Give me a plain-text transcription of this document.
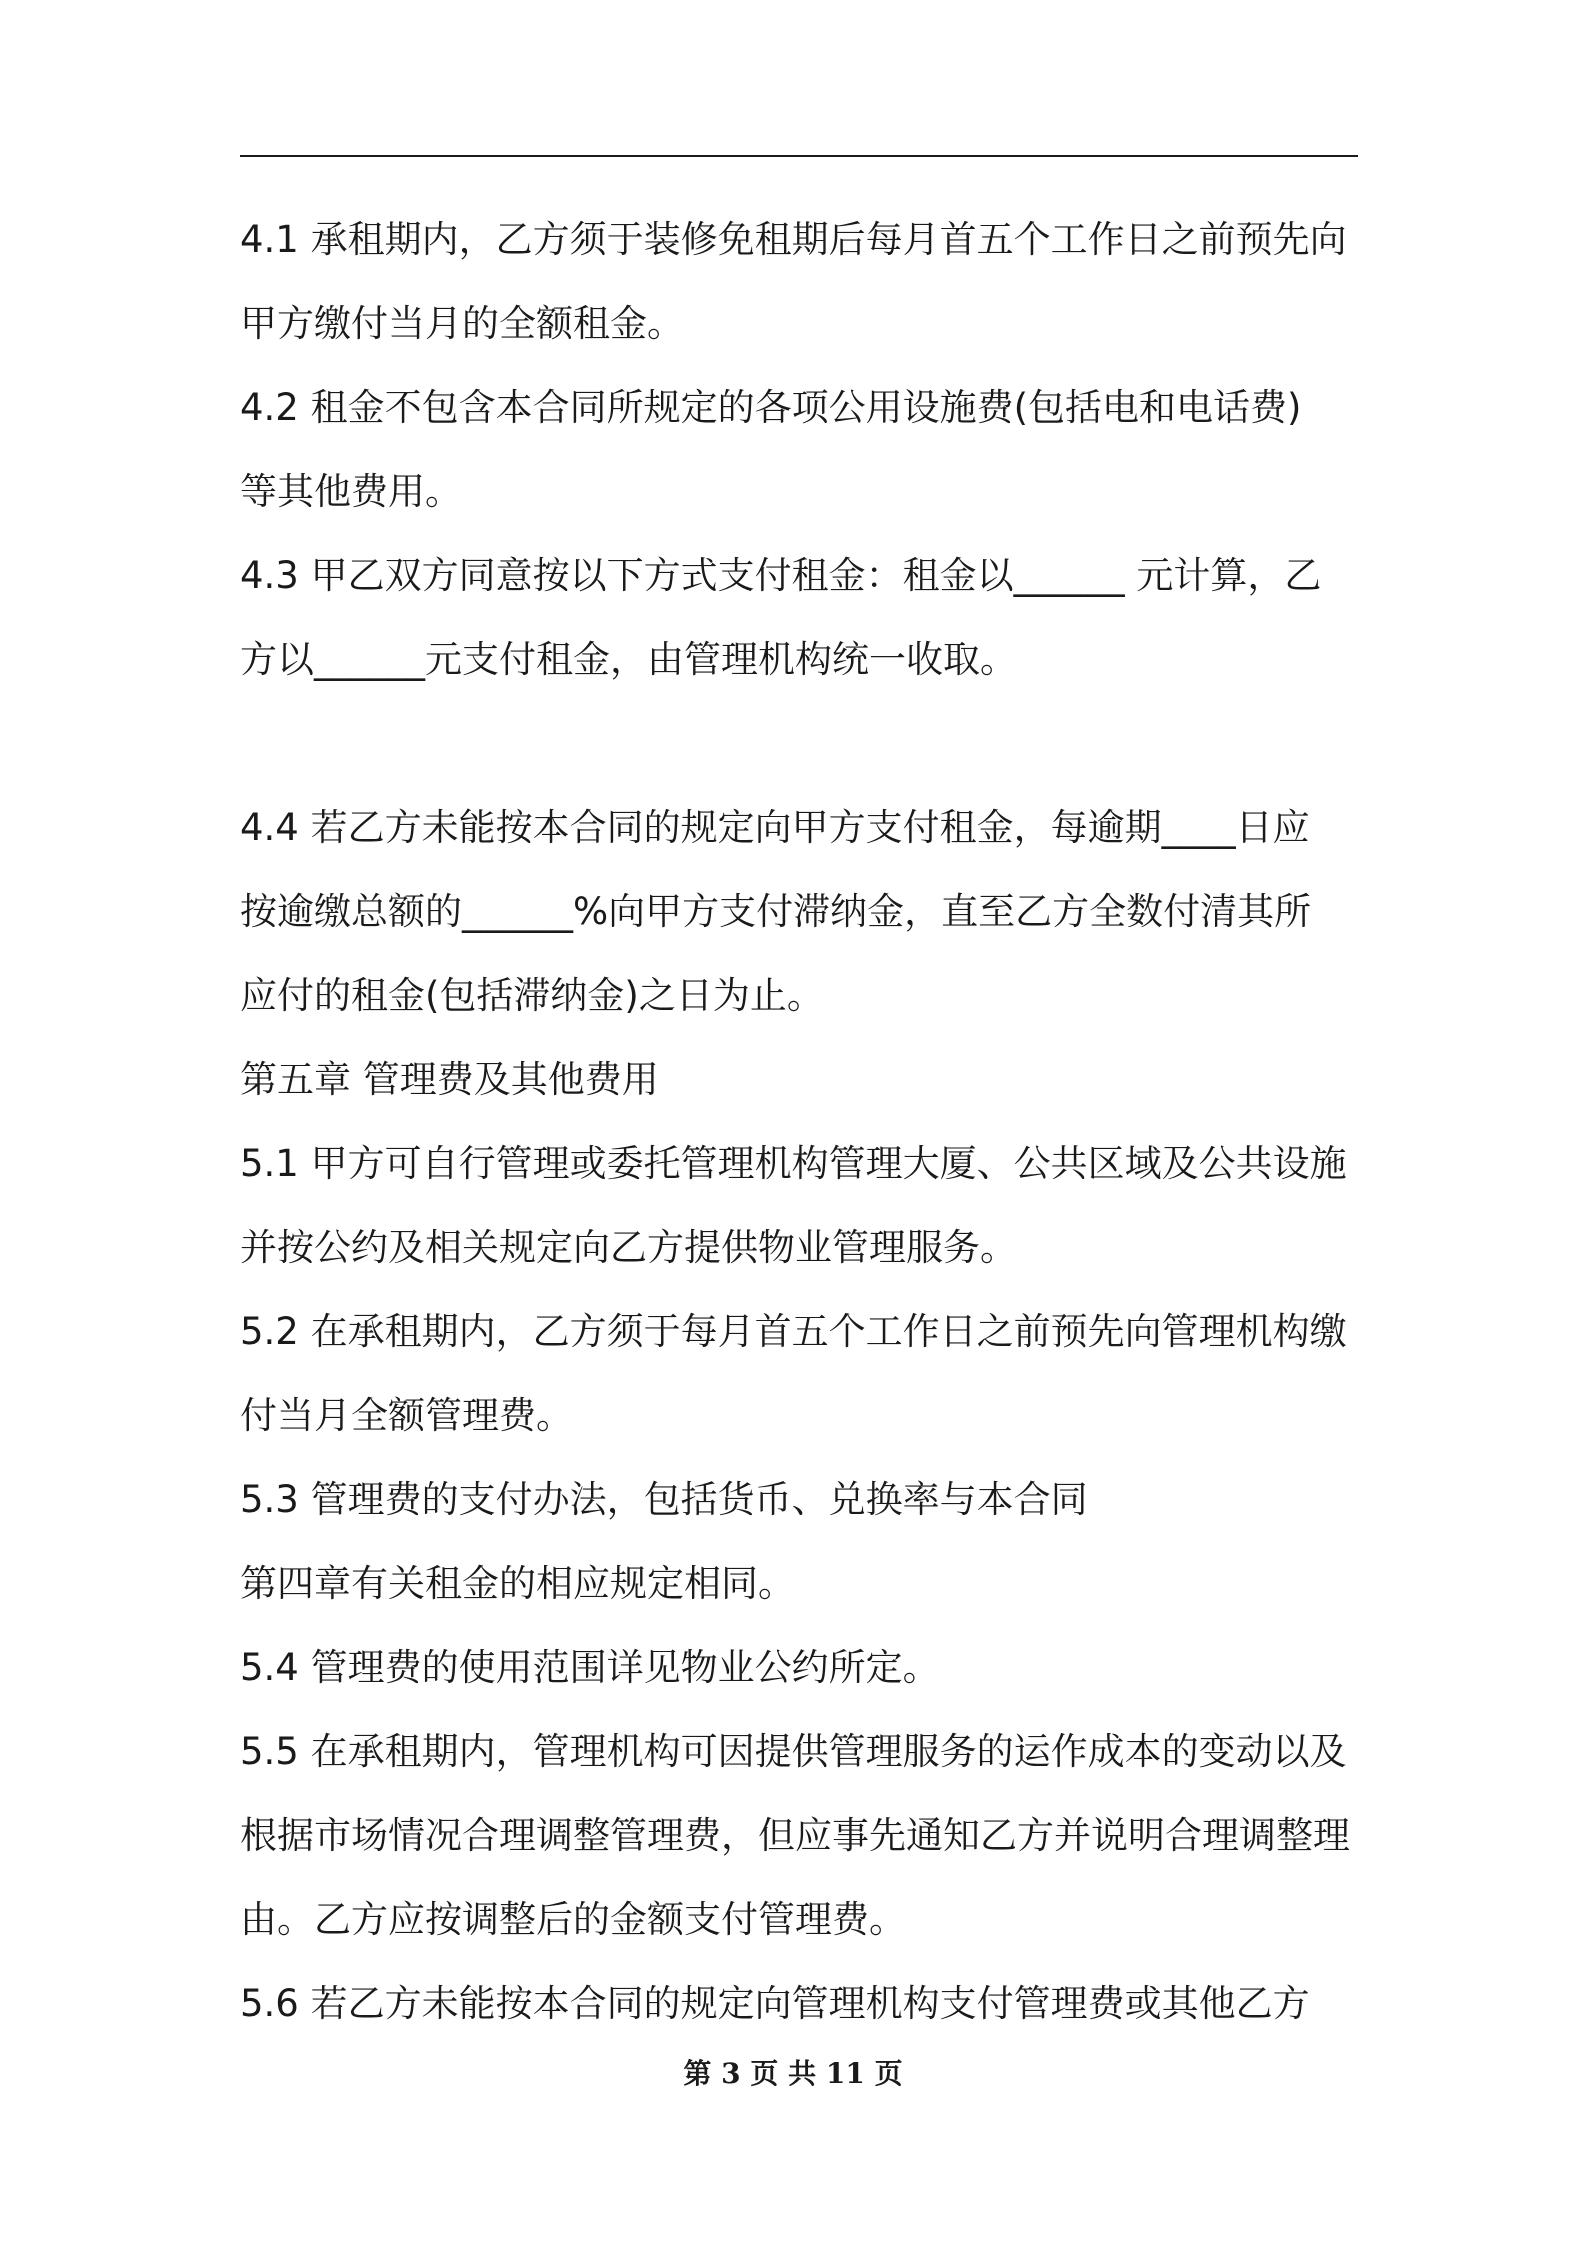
4.1 承租期内，乙方须于装修免租期后每月首五个工作日之前预先向

甲方缴付当月的全额租金。

4.2 租金不包含本合同所规定的各项公用设施费(包括电和电话费)

等其他费用。

4.3 甲乙双方同意按以下方式支付租金：租金以______ 元计算，乙

方以______元支付租金，由管理机构统一收取。

4.4 若乙方未能按本合同的规定向甲方支付租金，每逾期____日应

按逾缴总额的______%向甲方支付滞纳金，直至乙方全数付清其所

应付的租金(包括滞纳金)之日为止。

第五章 管理费及其他费用

5.1 甲方可自行管理或委托管理机构管理大厦、公共区域及公共设施

并按公约及相关规定向乙方提供物业管理服务。

5.2 在承租期内，乙方须于每月首五个工作日之前预先向管理机构缴

付当月全额管理费。

5.3 管理费的支付办法，包括货币、兑换率与本合同

第四章有关租金的相应规定相同。

5.4 管理费的使用范围详见物业公约所定。

5.5 在承租期内，管理机构可因提供管理服务的运作成本的变动以及

根据市场情况合理调整管理费，但应事先通知乙方并说明合理调整理

由。乙方应按调整后的金额支付管理费。

5.6 若乙方未能按本合同的规定向管理机构支付管理费或其他乙方

第 3 页 共 11 页
